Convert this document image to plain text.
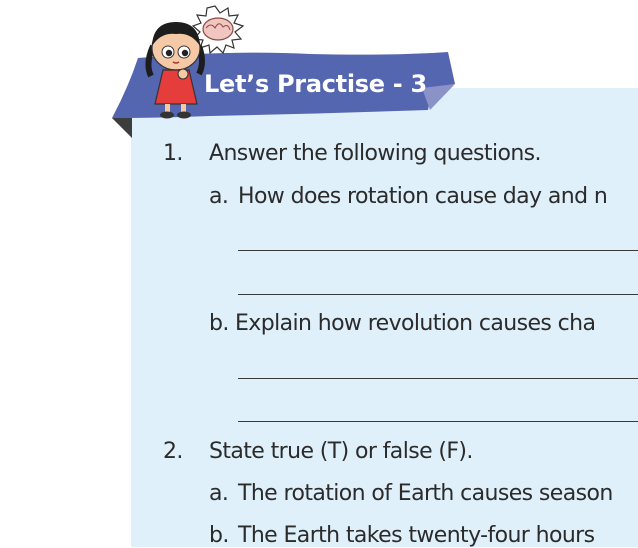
Let’s Practise - 3
1. Answer the following questions.
a. How does rotation cause day and n
b. Explain how revolution causes cha
2. State true (T) or false (F).
a. The rotation of Earth causes season
b. The Earth takes twenty-four hours
